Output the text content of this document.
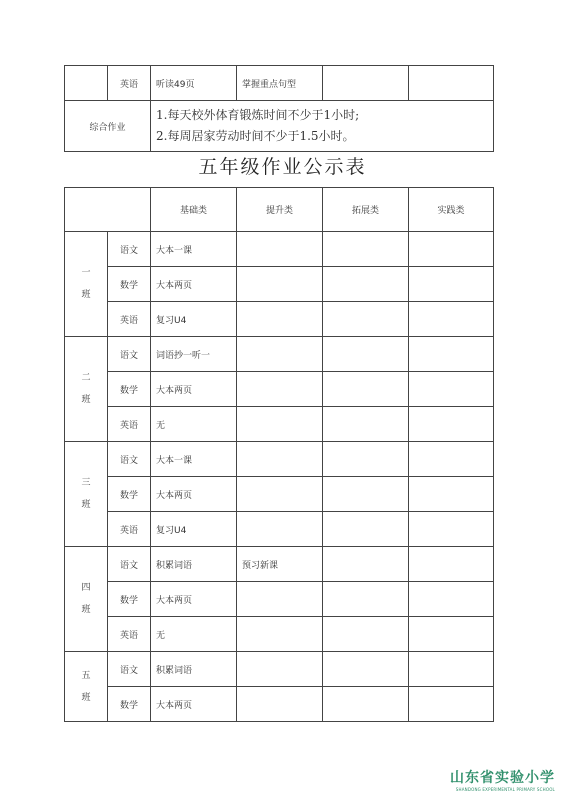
	英语	听读49页	掌握重点句型		
综合作业		1.每天校外体育锻炼时间不少于1小时;
2.每周居家劳动时间不少于1.5小时。			
五年级作业公示表
		基础类	提升类	拓展类	实践类

一
班	语文	大本一课			
	数学	大本两页			
	英语	复习U4			

二
班	语文	词语抄一听一			
	数学	大本两页			
	英语	无			

三
班	语文	大本一课			
	数学	大本两页			
	英语	复习U4			

四
班	语文	积累词语	预习新课		
	数学	大本两页			
	英语	无			

五
班	语文	积累词语			
	数学	大本两页			
山东省实验小学
SHANDONG EXPERIMENTAL PRIMARY SCHOOL
